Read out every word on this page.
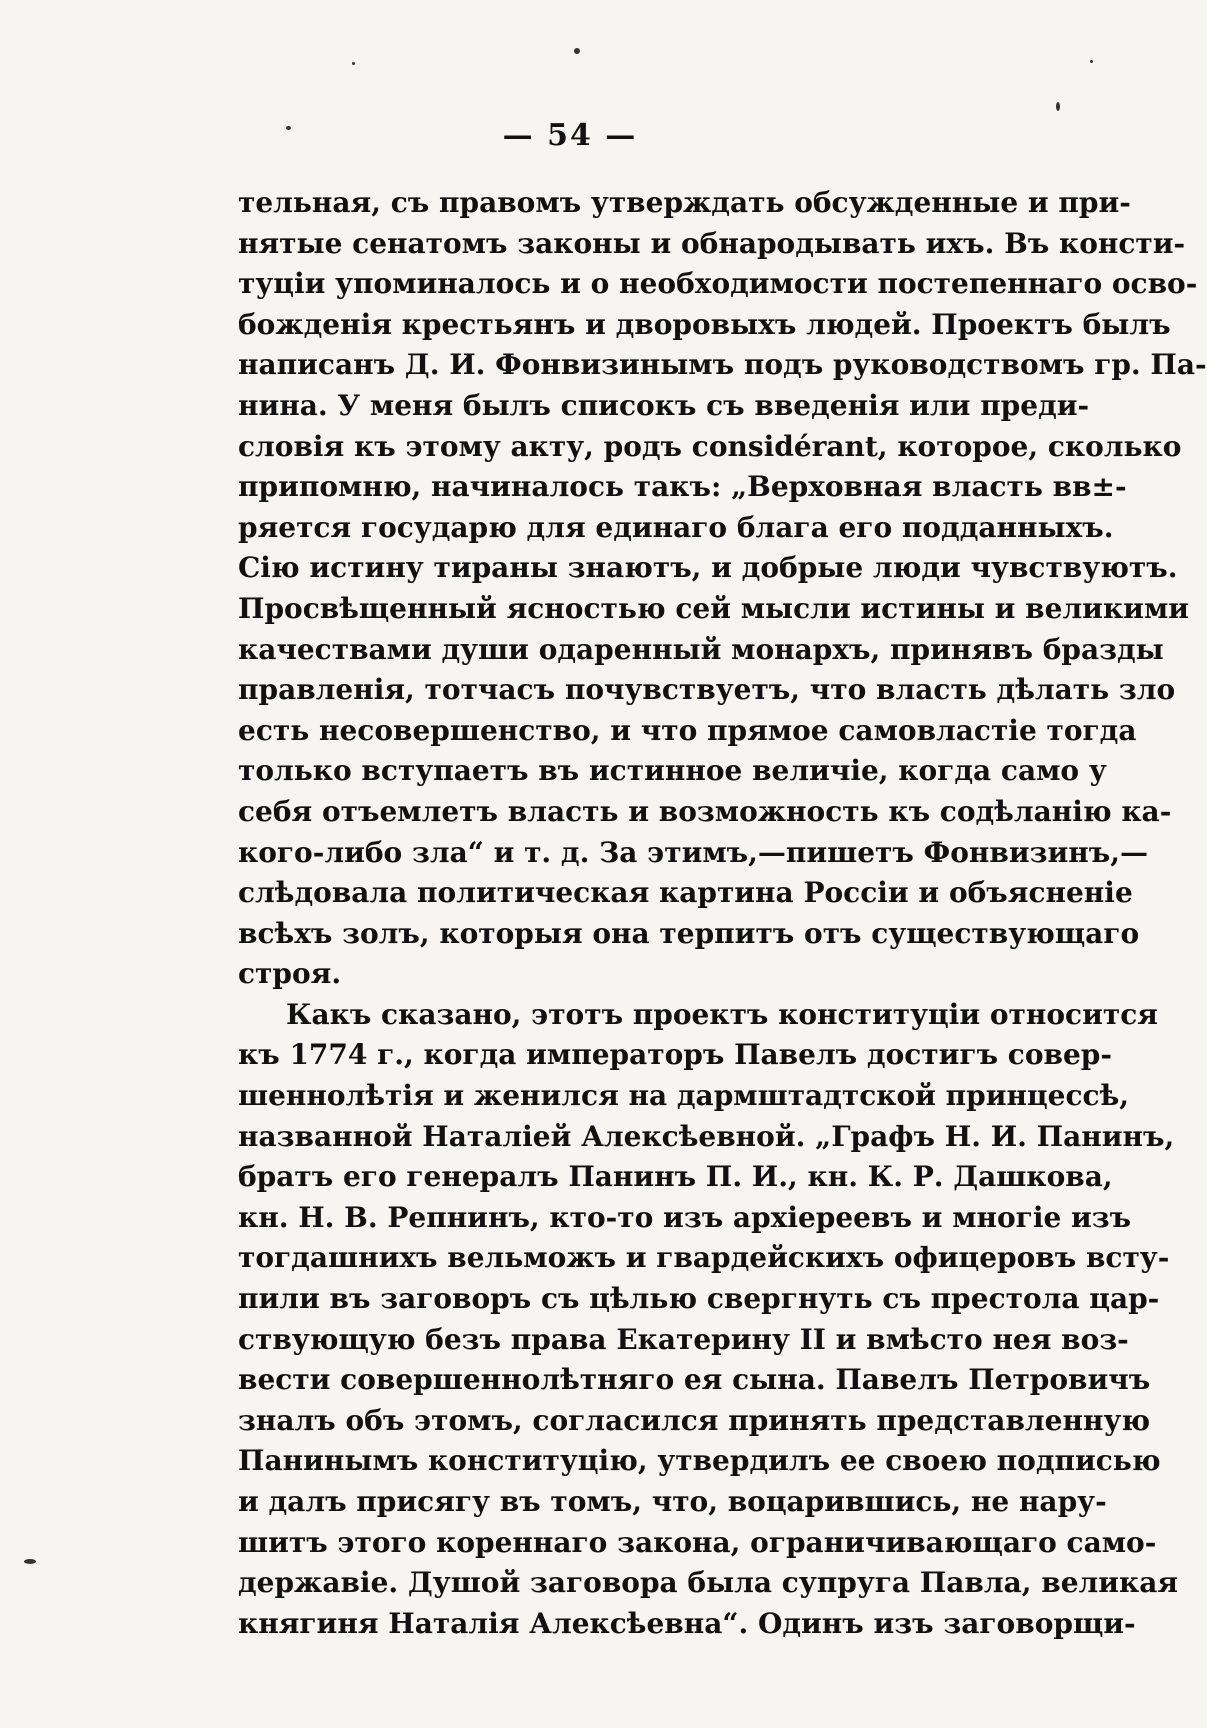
— 54 —
тельная, съ правомъ утверждать обсужденные и при-
нятые сенатомъ законы и обнародывать ихъ. Въ консти-
туціи упоминалось и о необходимости постепеннаго осво-
божденія крестьянъ и дворовыхъ людей. Проектъ былъ
написанъ Д. И. Фонвизинымъ подъ руководствомъ гр. Па-
нина. У меня былъ списокъ съ введенія или преди-
словія къ этому акту, родъ considérant, которое, сколько
припомню, начиналось такъ: „Верховная власть вв±-
ряется государю для единаго блага его подданныхъ.
Сію истину тираны знаютъ, и добрые люди чувствуютъ.
Просвѣщенный ясностью сей мысли истины и великими
качествами души одаренный монархъ, принявъ бразды
правленія, тотчасъ почувствуетъ, что власть дѣлать зло
есть несовершенство, и что прямое самовластіе тогда
только вступаетъ въ истинное величіе, когда само у
себя отъемлетъ власть и возможность къ содѣланію ка-
кого-либо зла“ и т. д. За этимъ,—пишетъ Фонвизинъ,—
слѣдовала политическая картина Россіи и объясненіе
всѣхъ золъ, которыя она терпитъ отъ существующаго
строя.
Какъ сказано, этотъ проектъ конституціи относится
къ 1774 г., когда императоръ Павелъ достигъ совер-
шеннолѣтія и женился на дармштадтской принцессѣ,
названной Наталіей Алексѣевной. „Графъ Н. И. Панинъ,
братъ его генералъ Панинъ П. И., кн. К. Р. Дашкова,
кн. Н. В. Репнинъ, кто-то изъ архіереевъ и многіе изъ
тогдашнихъ вельможъ и гвардейскихъ офицеровъ всту-
пили въ заговоръ съ цѣлью свергнуть съ престола цар-
ствующую безъ права Екатерину II и вмѣсто нея воз-
вести совершеннолѣтняго ея сына. Павелъ Петровичъ
зналъ объ этомъ, согласился принять представленную
Панинымъ конституцію, утвердилъ ее своею подписью
и далъ присягу въ томъ, что, воцарившись, не нару-
шитъ этого кореннаго закона, ограничивающаго само-
державіе. Душой заговора была супруга Павла, великая
княгиня Наталія Алексѣевна“. Одинъ изъ заговорщи-
